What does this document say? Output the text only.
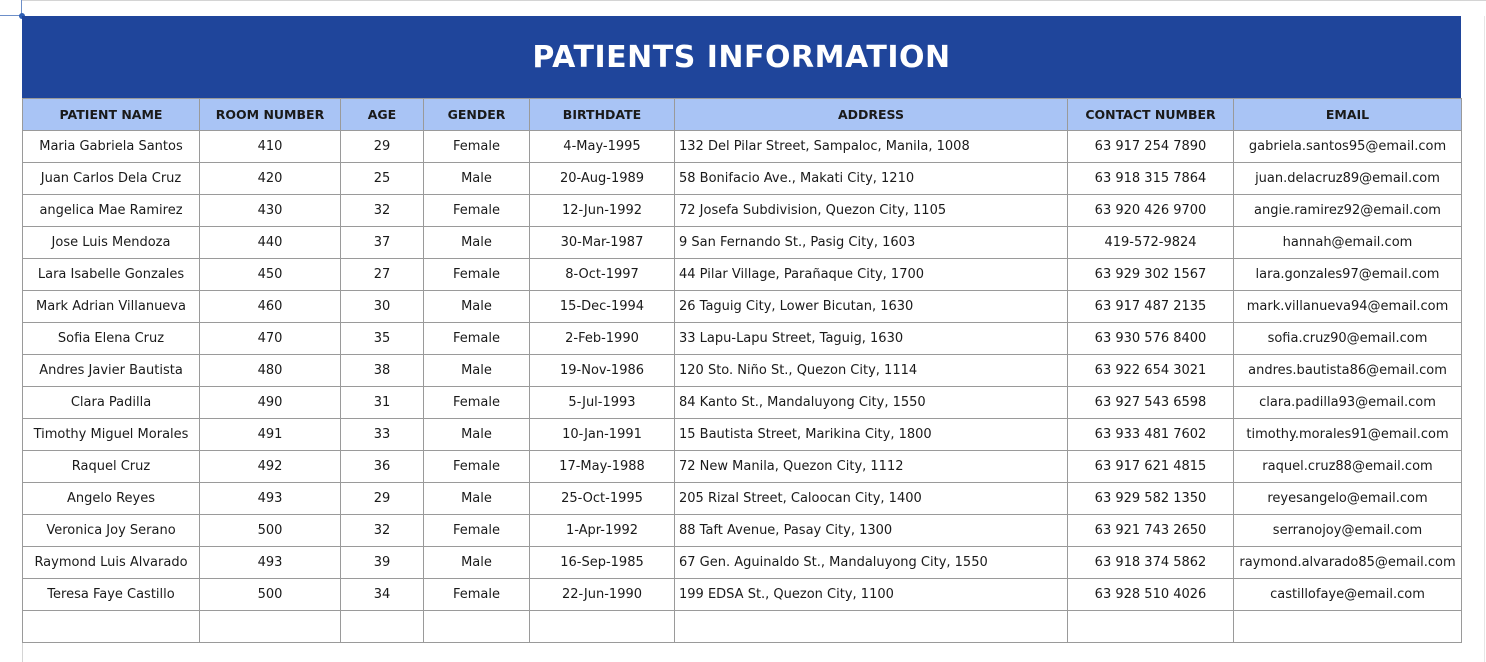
PATIENTS INFORMATION
PATIENT NAME	ROOM NUMBER	AGE	GENDER	BIRTHDATE	ADDRESS	CONTACT NUMBER	EMAIL
Maria Gabriela Santos	410	29	Female	4-May-1995	132 Del Pilar Street, Sampaloc, Manila, 1008	63 917 254 7890	gabriela.santos95@email.com
Juan Carlos Dela Cruz	420	25	Male	20-Aug-1989	58 Bonifacio Ave., Makati City, 1210	63 918 315 7864	juan.delacruz89@email.com
angelica Mae Ramirez	430	32	Female	12-Jun-1992	72 Josefa Subdivision, Quezon City, 1105	63 920 426 9700	angie.ramirez92@email.com
Jose Luis Mendoza	440	37	Male	30-Mar-1987	9 San Fernando St., Pasig City, 1603	419-572-9824	hannah@email.com
Lara Isabelle Gonzales	450	27	Female	8-Oct-1997	44 Pilar Village, Parañaque City, 1700	63 929 302 1567	lara.gonzales97@email.com
Mark Adrian Villanueva	460	30	Male	15-Dec-1994	26 Taguig City, Lower Bicutan, 1630	63 917 487 2135	mark.villanueva94@email.com
Sofia Elena Cruz	470	35	Female	2-Feb-1990	33 Lapu-Lapu Street, Taguig, 1630	63 930 576 8400	sofia.cruz90@email.com
Andres Javier Bautista	480	38	Male	19-Nov-1986	120 Sto. Niño St., Quezon City, 1114	63 922 654 3021	andres.bautista86@email.com
Clara Padilla	490	31	Female	5-Jul-1993	84 Kanto St., Mandaluyong City, 1550	63 927 543 6598	clara.padilla93@email.com
Timothy Miguel Morales	491	33	Male	10-Jan-1991	15 Bautista Street, Marikina City, 1800	63 933 481 7602	timothy.morales91@email.com
Raquel Cruz	492	36	Female	17-May-1988	72 New Manila, Quezon City, 1112	63 917 621 4815	raquel.cruz88@email.com
Angelo Reyes	493	29	Male	25-Oct-1995	205 Rizal Street, Caloocan City, 1400	63 929 582 1350	reyesangelo@email.com
Veronica Joy Serano	500	32	Female	1-Apr-1992	88 Taft Avenue, Pasay City, 1300	63 921 743 2650	serranojoy@email.com
Raymond Luis Alvarado	493	39	Male	16-Sep-1985	67 Gen. Aguinaldo St., Mandaluyong City, 1550	63 918 374 5862	raymond.alvarado85@email.com
Teresa Faye Castillo	500	34	Female	22-Jun-1990	199 EDSA St., Quezon City, 1100	63 928 510 4026	castillofaye@email.com
